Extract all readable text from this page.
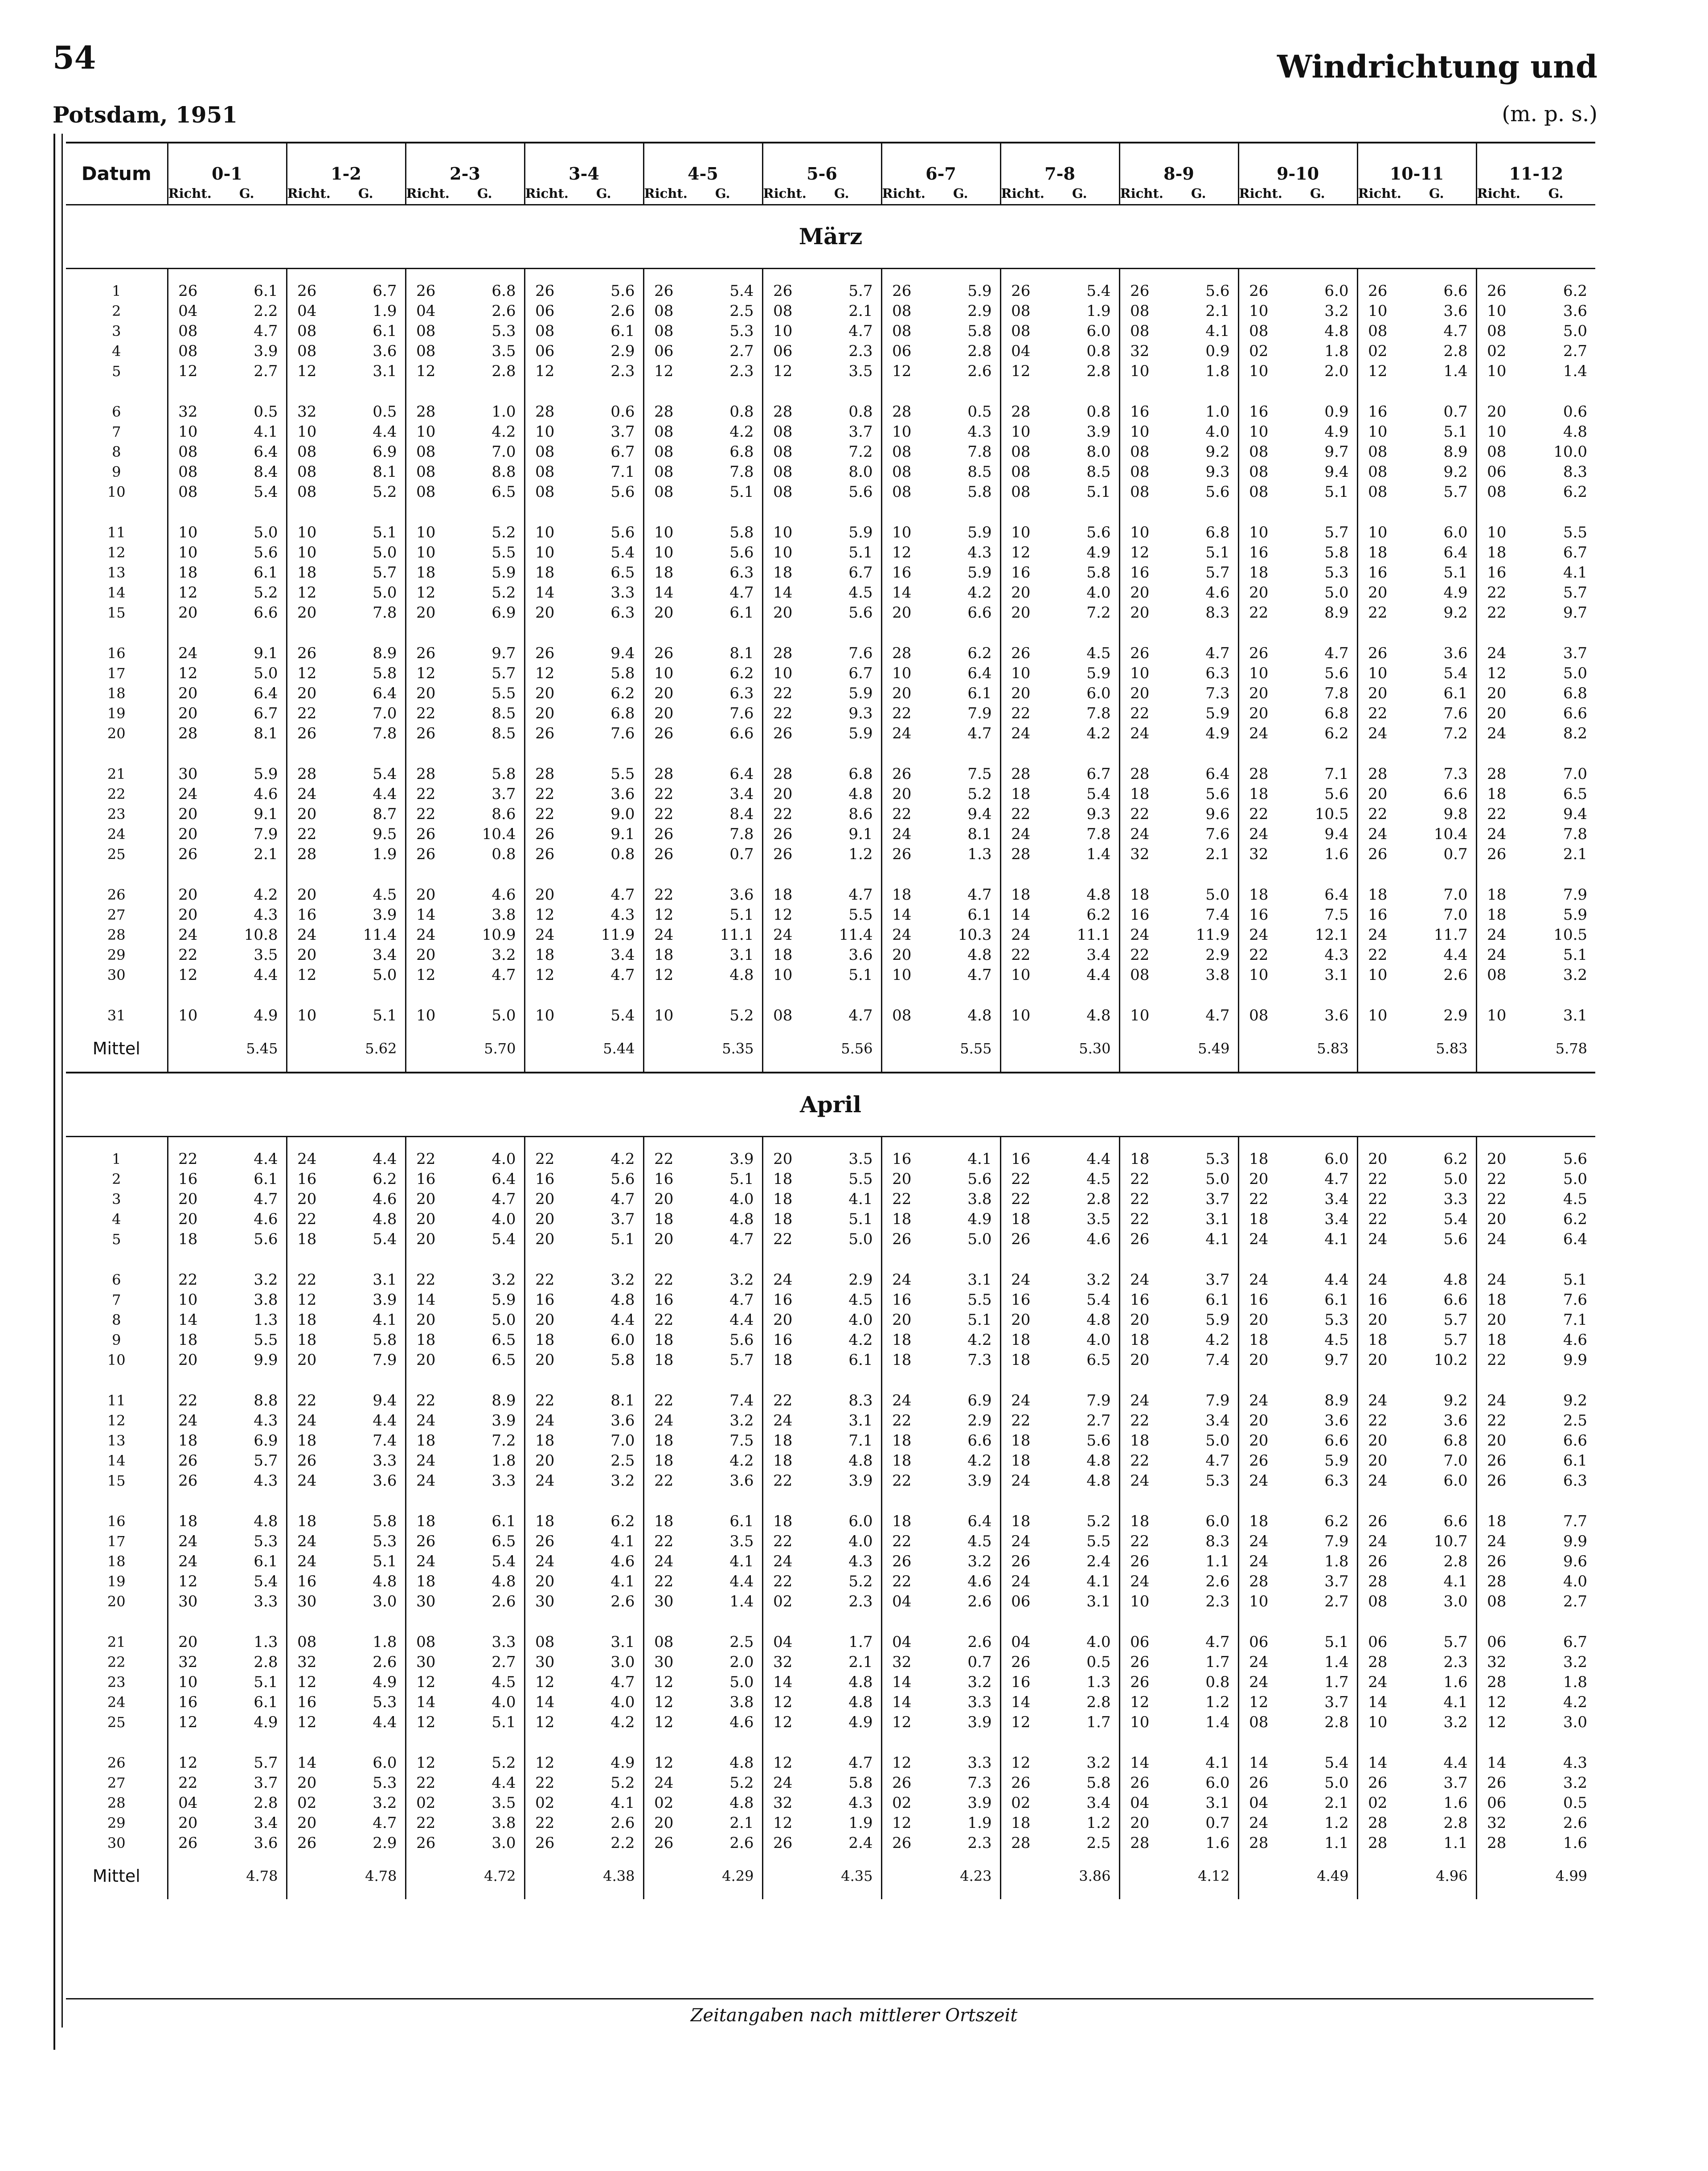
54	Windrichtung und
Potsdam, 1951	(m. p. s.)
Datum	0-1		1-2		2-3		3-4		4-5		5-6		6-7		7-8		8-9		9-10		10-11		11-12	
	Richt.	G.	Richt.	G.	Richt.	G.	Richt.	G.	Richt.	G.	Richt.	G.	Richt.	G.	Richt.	G.	Richt.	G.	Richt.	G.	Richt.	G.	Richt.	G.
März																								

1	26	6.1	26	6.7	26	6.8	26	5.6	26	5.4	26	5.7	26	5.9	26	5.4	26	5.6	26	6.0	26	6.6	26	6.2
2	04	2.2	04	1.9	04	2.6	06	2.6	08	2.5	08	2.1	08	2.9	08	1.9	08	2.1	10	3.2	10	3.6	10	3.6
3	08	4.7	08	6.1	08	5.3	08	6.1	08	5.3	10	4.7	08	5.8	08	6.0	08	4.1	08	4.8	08	4.7	08	5.0
4	08	3.9	08	3.6	08	3.5	06	2.9	06	2.7	06	2.3	06	2.8	04	0.8	32	0.9	02	1.8	02	2.8	02	2.7
5	12	2.7	12	3.1	12	2.8	12	2.3	12	2.3	12	3.5	12	2.6	12	2.8	10	1.8	10	2.0	12	1.4	10	1.4
6	32	0.5	32	0.5	28	1.0	28	0.6	28	0.8	28	0.8	28	0.5	28	0.8	16	1.0	16	0.9	16	0.7	20	0.6
7	10	4.1	10	4.4	10	4.2	10	3.7	08	4.2	08	3.7	10	4.3	10	3.9	10	4.0	10	4.9	10	5.1	10	4.8
8	08	6.4	08	6.9	08	7.0	08	6.7	08	6.8	08	7.2	08	7.8	08	8.0	08	9.2	08	9.7	08	8.9	08	10.0
9	08	8.4	08	8.1	08	8.8	08	7.1	08	7.8	08	8.0	08	8.5	08	8.5	08	9.3	08	9.4	08	9.2	06	8.3
10	08	5.4	08	5.2	08	6.5	08	5.6	08	5.1	08	5.6	08	5.8	08	5.1	08	5.6	08	5.1	08	5.7	08	6.2
11	10	5.0	10	5.1	10	5.2	10	5.6	10	5.8	10	5.9	10	5.9	10	5.6	10	6.8	10	5.7	10	6.0	10	5.5
12	10	5.6	10	5.0	10	5.5	10	5.4	10	5.6	10	5.1	12	4.3	12	4.9	12	5.1	16	5.8	18	6.4	18	6.7
13	18	6.1	18	5.7	18	5.9	18	6.5	18	6.3	18	6.7	16	5.9	16	5.8	16	5.7	18	5.3	16	5.1	16	4.1
14	12	5.2	12	5.0	12	5.2	14	3.3	14	4.7	14	4.5	14	4.2	20	4.0	20	4.6	20	5.0	20	4.9	22	5.7
15	20	6.6	20	7.8	20	6.9	20	6.3	20	6.1	20	5.6	20	6.6	20	7.2	20	8.3	22	8.9	22	9.2	22	9.7
16	24	9.1	26	8.9	26	9.7	26	9.4	26	8.1	28	7.6	28	6.2	26	4.5	26	4.7	26	4.7	26	3.6	24	3.7
17	12	5.0	12	5.8	12	5.7	12	5.8	10	6.2	10	6.7	10	6.4	10	5.9	10	6.3	10	5.6	10	5.4	12	5.0
18	20	6.4	20	6.4	20	5.5	20	6.2	20	6.3	22	5.9	20	6.1	20	6.0	20	7.3	20	7.8	20	6.1	20	6.8
19	20	6.7	22	7.0	22	8.5	20	6.8	20	7.6	22	9.3	22	7.9	22	7.8	22	5.9	20	6.8	22	7.6	20	6.6
20	28	8.1	26	7.8	26	8.5	26	7.6	26	6.6	26	5.9	24	4.7	24	4.2	24	4.9	24	6.2	24	7.2	24	8.2
21	30	5.9	28	5.4	28	5.8	28	5.5	28	6.4	28	6.8	26	7.5	28	6.7	28	6.4	28	7.1	28	7.3	28	7.0
22	24	4.6	24	4.4	22	3.7	22	3.6	22	3.4	20	4.8	20	5.2	18	5.4	18	5.6	18	5.6	20	6.6	18	6.5
23	20	9.1	20	8.7	22	8.6	22	9.0	22	8.4	22	8.6	22	9.4	22	9.3	22	9.6	22	10.5	22	9.8	22	9.4
24	20	7.9	22	9.5	26	10.4	26	9.1	26	7.8	26	9.1	24	8.1	24	7.8	24	7.6	24	9.4	24	10.4	24	7.8
25	26	2.1	28	1.9	26	0.8	26	0.8	26	0.7	26	1.2	26	1.3	28	1.4	32	2.1	32	1.6	26	0.7	26	2.1
26	20	4.2	20	4.5	20	4.6	20	4.7	22	3.6	18	4.7	18	4.7	18	4.8	18	5.0	18	6.4	18	7.0	18	7.9
27	20	4.3	16	3.9	14	3.8	12	4.3	12	5.1	12	5.5	14	6.1	14	6.2	16	7.4	16	7.5	16	7.0	18	5.9
28	24	10.8	24	11.4	24	10.9	24	11.9	24	11.1	24	11.4	24	10.3	24	11.1	24	11.9	24	12.1	24	11.7	24	10.5
29	22	3.5	20	3.4	20	3.2	18	3.4	18	3.1	18	3.6	20	4.8	22	3.4	22	2.9	22	4.3	22	4.4	24	5.1
30	12	4.4	12	5.0	12	4.7	12	4.7	12	4.8	10	5.1	10	4.7	10	4.4	08	3.8	10	3.1	10	2.6	08	3.2
31	10	4.9	10	5.1	10	5.0	10	5.4	10	5.2	08	4.7	08	4.8	10	4.8	10	4.7	08	3.6	10	2.9	10	3.1
Mittel		5.45		5.62		5.70		5.44		5.35		5.56		5.55		5.30		5.49		5.83		5.83		5.78
April																								

1	22	4.4	24	4.4	22	4.0	22	4.2	22	3.9	20	3.5	16	4.1	16	4.4	18	5.3	18	6.0	20	6.2	20	5.6
2	16	6.1	16	6.2	16	6.4	16	5.6	16	5.1	18	5.5	20	5.6	22	4.5	22	5.0	20	4.7	22	5.0	22	5.0
3	20	4.7	20	4.6	20	4.7	20	4.7	20	4.0	18	4.1	22	3.8	22	2.8	22	3.7	22	3.4	22	3.3	22	4.5
4	20	4.6	22	4.8	20	4.0	20	3.7	18	4.8	18	5.1	18	4.9	18	3.5	22	3.1	18	3.4	22	5.4	20	6.2
5	18	5.6	18	5.4	20	5.4	20	5.1	20	4.7	22	5.0	26	5.0	26	4.6	26	4.1	24	4.1	24	5.6	24	6.4
6	22	3.2	22	3.1	22	3.2	22	3.2	22	3.2	24	2.9	24	3.1	24	3.2	24	3.7	24	4.4	24	4.8	24	5.1
7	10	3.8	12	3.9	14	5.9	16	4.8	16	4.7	16	4.5	16	5.5	16	5.4	16	6.1	16	6.1	16	6.6	18	7.6
8	14	1.3	18	4.1	20	5.0	20	4.4	22	4.4	20	4.0	20	5.1	20	4.8	20	5.9	20	5.3	20	5.7	20	7.1
9	18	5.5	18	5.8	18	6.5	18	6.0	18	5.6	16	4.2	18	4.2	18	4.0	18	4.2	18	4.5	18	5.7	18	4.6
10	20	9.9	20	7.9	20	6.5	20	5.8	18	5.7	18	6.1	18	7.3	18	6.5	20	7.4	20	9.7	20	10.2	22	9.9
11	22	8.8	22	9.4	22	8.9	22	8.1	22	7.4	22	8.3	24	6.9	24	7.9	24	7.9	24	8.9	24	9.2	24	9.2
12	24	4.3	24	4.4	24	3.9	24	3.6	24	3.2	24	3.1	22	2.9	22	2.7	22	3.4	20	3.6	22	3.6	22	2.5
13	18	6.9	18	7.4	18	7.2	18	7.0	18	7.5	18	7.1	18	6.6	18	5.6	18	5.0	20	6.6	20	6.8	20	6.6
14	26	5.7	26	3.3	24	1.8	20	2.5	18	4.2	18	4.8	18	4.2	18	4.8	22	4.7	26	5.9	20	7.0	26	6.1
15	26	4.3	24	3.6	24	3.3	24	3.2	22	3.6	22	3.9	22	3.9	24	4.8	24	5.3	24	6.3	24	6.0	26	6.3
16	18	4.8	18	5.8	18	6.1	18	6.2	18	6.1	18	6.0	18	6.4	18	5.2	18	6.0	18	6.2	26	6.6	18	7.7
17	24	5.3	24	5.3	26	6.5	26	4.1	22	3.5	22	4.0	22	4.5	24	5.5	22	8.3	24	7.9	24	10.7	24	9.9
18	24	6.1	24	5.1	24	5.4	24	4.6	24	4.1	24	4.3	26	3.2	26	2.4	26	1.1	24	1.8	26	2.8	26	9.6
19	12	5.4	16	4.8	18	4.8	20	4.1	22	4.4	22	5.2	22	4.6	24	4.1	24	2.6	28	3.7	28	4.1	28	4.0
20	30	3.3	30	3.0	30	2.6	30	2.6	30	1.4	02	2.3	04	2.6	06	3.1	10	2.3	10	2.7	08	3.0	08	2.7
21	20	1.3	08	1.8	08	3.3	08	3.1	08	2.5	04	1.7	04	2.6	04	4.0	06	4.7	06	5.1	06	5.7	06	6.7
22	32	2.8	32	2.6	30	2.7	30	3.0	30	2.0	32	2.1	32	0.7	26	0.5	26	1.7	24	1.4	28	2.3	32	3.2
23	10	5.1	12	4.9	12	4.5	12	4.7	12	5.0	14	4.8	14	3.2	16	1.3	26	0.8	24	1.7	24	1.6	28	1.8
24	16	6.1	16	5.3	14	4.0	14	4.0	12	3.8	12	4.8	14	3.3	14	2.8	12	1.2	12	3.7	14	4.1	12	4.2
25	12	4.9	12	4.4	12	5.1	12	4.2	12	4.6	12	4.9	12	3.9	12	1.7	10	1.4	08	2.8	10	3.2	12	3.0
26	12	5.7	14	6.0	12	5.2	12	4.9	12	4.8	12	4.7	12	3.3	12	3.2	14	4.1	14	5.4	14	4.4	14	4.3
27	22	3.7	20	5.3	22	4.4	22	5.2	24	5.2	24	5.8	26	7.3	26	5.8	26	6.0	26	5.0	26	3.7	26	3.2
28	04	2.8	02	3.2	02	3.5	02	4.1	02	4.8	32	4.3	02	3.9	02	3.4	04	3.1	04	2.1	02	1.6	06	0.5
29	20	3.4	20	4.7	22	3.8	22	2.6	20	2.1	12	1.9	12	1.9	18	1.2	20	0.7	24	1.2	28	2.8	32	2.6
30	26	3.6	26	2.9	26	3.0	26	2.2	26	2.6	26	2.4	26	2.3	28	2.5	28	1.6	28	1.1	28	1.1	28	1.6
Mittel		4.78		4.78		4.72		4.38		4.29		4.35		4.23		3.86		4.12		4.49		4.96		4.99
Zeitangaben nach mittlerer Ortszeit
